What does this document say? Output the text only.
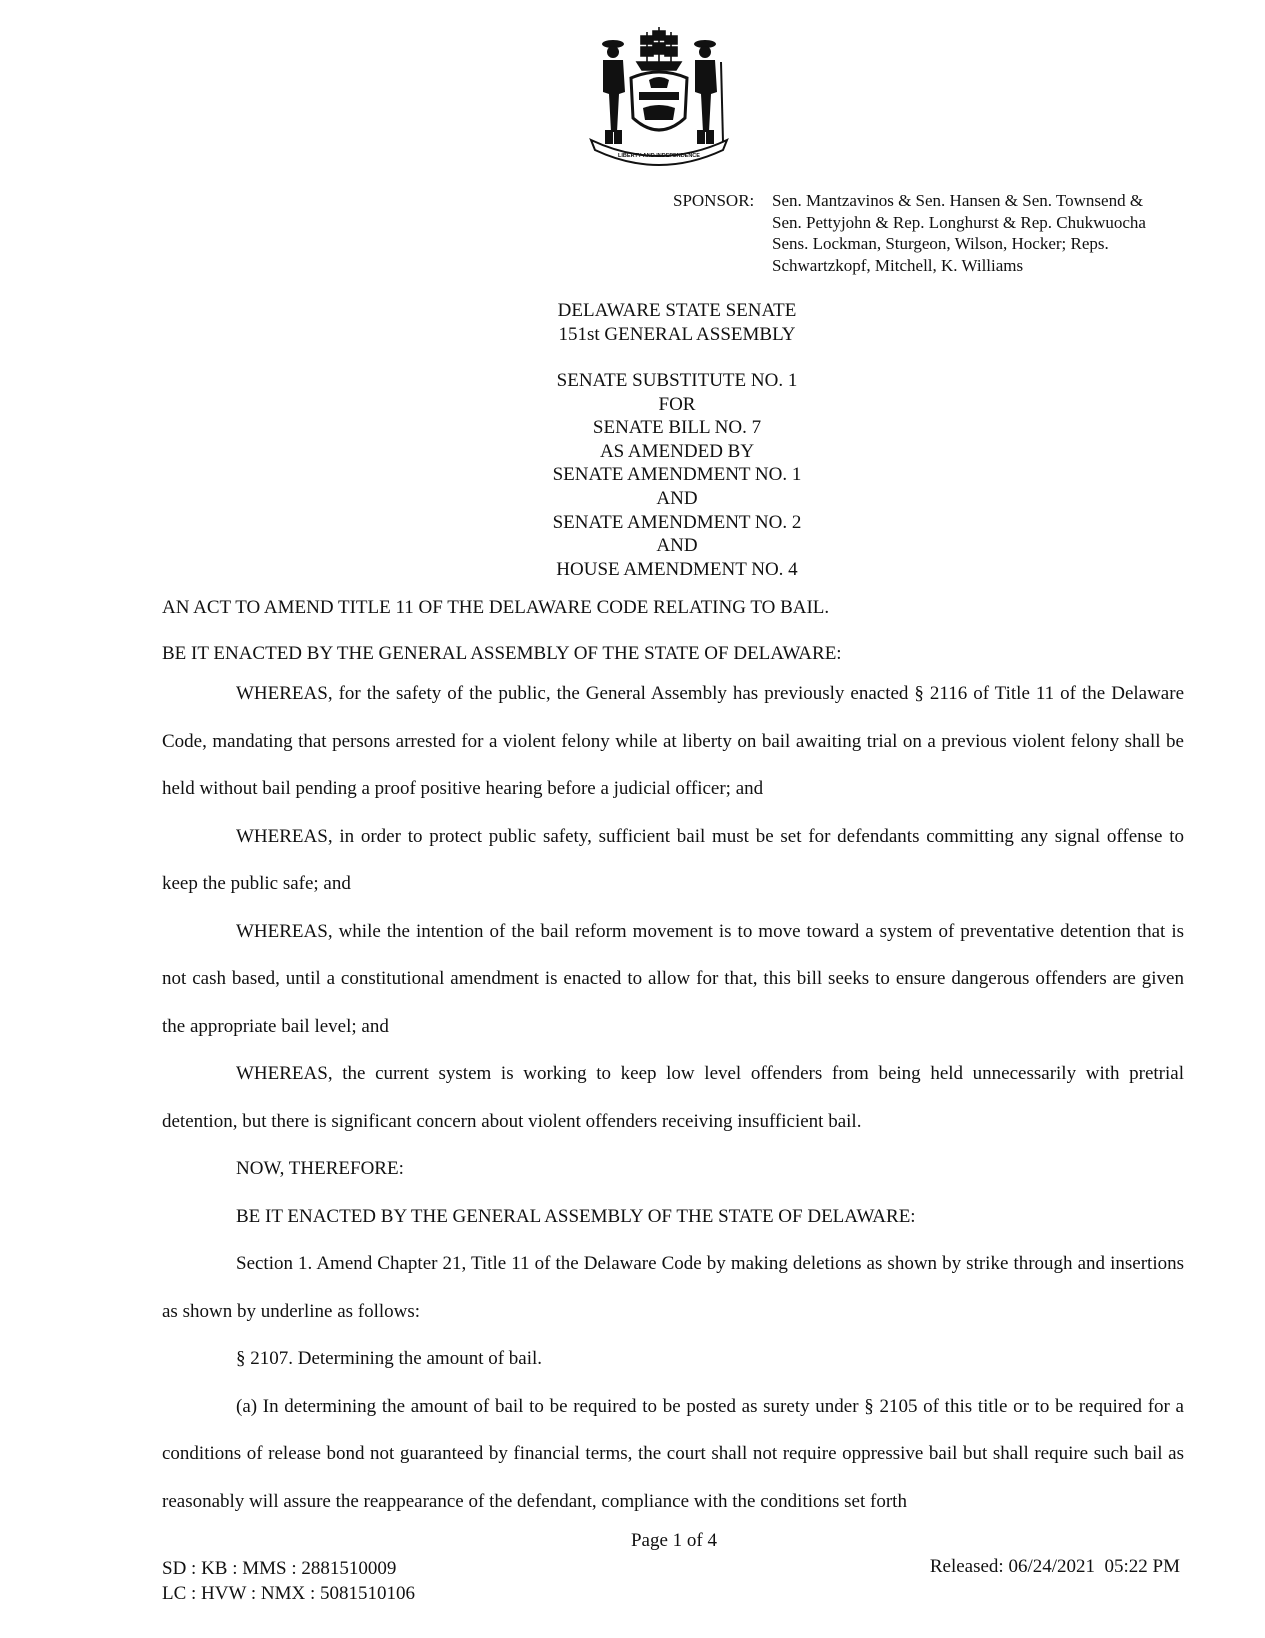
LIBERTY AND INDEPENDENCE
SPONSOR: Sen. Mantzavinos & Sen. Hansen & Sen. Townsend &
Sen. Pettyjohn & Rep. Longhurst & Rep. Chukwuocha
Sens. Lockman, Sturgeon, Wilson, Hocker; Reps.
Schwartzkopf, Mitchell, K. Williams
DELAWARE STATE SENATE
151st GENERAL ASSEMBLY
SENATE SUBSTITUTE NO. 1
FOR
SENATE BILL NO. 7
AS AMENDED BY
SENATE AMENDMENT NO. 1
AND
SENATE AMENDMENT NO. 2
AND
HOUSE AMENDMENT NO. 4
AN ACT TO AMEND TITLE 11 OF THE DELAWARE CODE RELATING TO BAIL.
BE IT ENACTED BY THE GENERAL ASSEMBLY OF THE STATE OF DELAWARE:

WHEREAS, for the safety of the public, the General Assembly has previously enacted § 2116 of Title 11 of the Delaware Code, mandating that persons arrested for a violent felony while at liberty on bail awaiting trial on a previous violent felony shall be held without bail pending a proof positive hearing before a judicial officer; and

WHEREAS, in order to protect public safety, sufficient bail must be set for defendants committing any signal offense to keep the public safe; and

WHEREAS, while the intention of the bail reform movement is to move toward a system of preventative detention that is not cash based, until a constitutional amendment is enacted to allow for that, this bill seeks to ensure dangerous offenders are given the appropriate bail level; and

WHEREAS, the current system is working to keep low level offenders from being held unnecessarily with pretrial detention, but there is significant concern about violent offenders receiving insufficient bail.

NOW, THEREFORE:

BE IT ENACTED BY THE GENERAL ASSEMBLY OF THE STATE OF DELAWARE:

Section 1. Amend Chapter 21, Title 11 of the Delaware Code by making deletions as shown by strike through and insertions as shown by underline as follows:

§ 2107. Determining the amount of bail.

(a) In determining the amount of bail to be required to be posted as surety under § 2105 of this title or to be required for a conditions of release bond not guaranteed by financial terms, the court shall not require oppressive bail but shall require such bail as reasonably will assure the reappearance of the defendant, compliance with the conditions set forth

Page 1 of 4
SD : KB : MMS : 2881510009
LC : HVW : NMX : 5081510106
Released: 06/24/2021  05:22 PM
